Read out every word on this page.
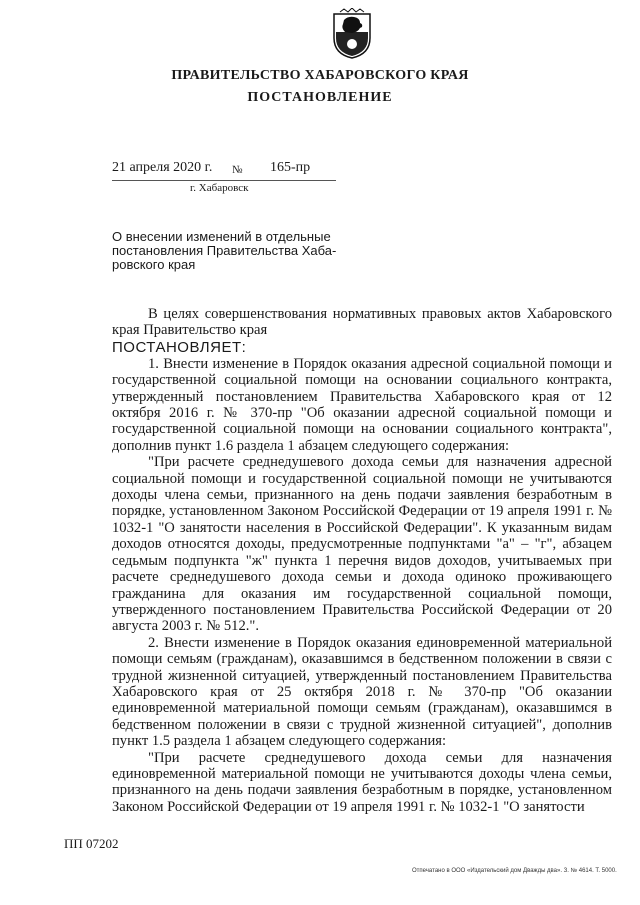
ПРАВИТЕЛЬСТВО ХАБАРОВСКОГО КРАЯ
ПОСТАНОВЛЕНИЕ
21 апреля 2020 г. № 165-пр
г. Хабаровск
О внесении изменений в отдельные
постановления Правительства Хаба-
ровского края

В целях совершенствования нормативных правовых актов Хабаровского края Правительство края

ПОСТАНОВЛЯЕТ:

1. Внести изменение в Порядок оказания адресной социальной помощи и государственной социальной помощи на основании социального контракта, утвержденный постановлением Правительства Хабаровского края от 12 октября 2016 г. № 370-пр "Об оказании адресной социальной помощи и государственной социальной помощи на основании социального контракта", дополнив пункт 1.6 раздела 1 абзацем следующего содержания:

"При расчете среднедушевого дохода семьи для назначения адресной социальной помощи и государственной социальной помощи не учитываются доходы члена семьи, признанного на день подачи заявления безработным в порядке, установленном Законом Российской Федерации от 19 апреля 1991 г. № 1032-1 "О занятости населения в Российской Федерации". К указанным видам доходов относятся доходы, предусмотренные подпунктами "а" – "г", абзацем седьмым подпункта "ж" пункта 1 перечня видов доходов, учитываемых при расчете среднедушевого дохода семьи и дохода одиноко проживающего гражданина для оказания им государственной социальной помощи, утвержденного постановлением Правительства Российской Федерации от 20 августа 2003 г. № 512.".

2. Внести изменение в Порядок оказания единовременной материальной помощи семьям (гражданам), оказавшимся в бедственном положении в связи с трудной жизненной ситуацией, утвержденный постановлением Правительства Хабаровского края от 25 октября 2018 г. № 370-пр "Об оказании единовременной материальной помощи семьям (гражданам), оказавшимся в бедственном положении в связи с трудной жизненной ситуацией", дополнив пункт 1.5 раздела 1 абзацем следующего содержания:

"При расчете среднедушевого дохода семьи для назначения единовременной материальной помощи не учитываются доходы члена семьи, признанного на день подачи заявления безработным в порядке, установленном Законом Российской Федерации от 19 апреля 1991 г. № 1032-1 "О занятости

ПП 07202
Отпечатано в ООО «Издательский дом Дважды два». З. № 4614. Т. 5000.
